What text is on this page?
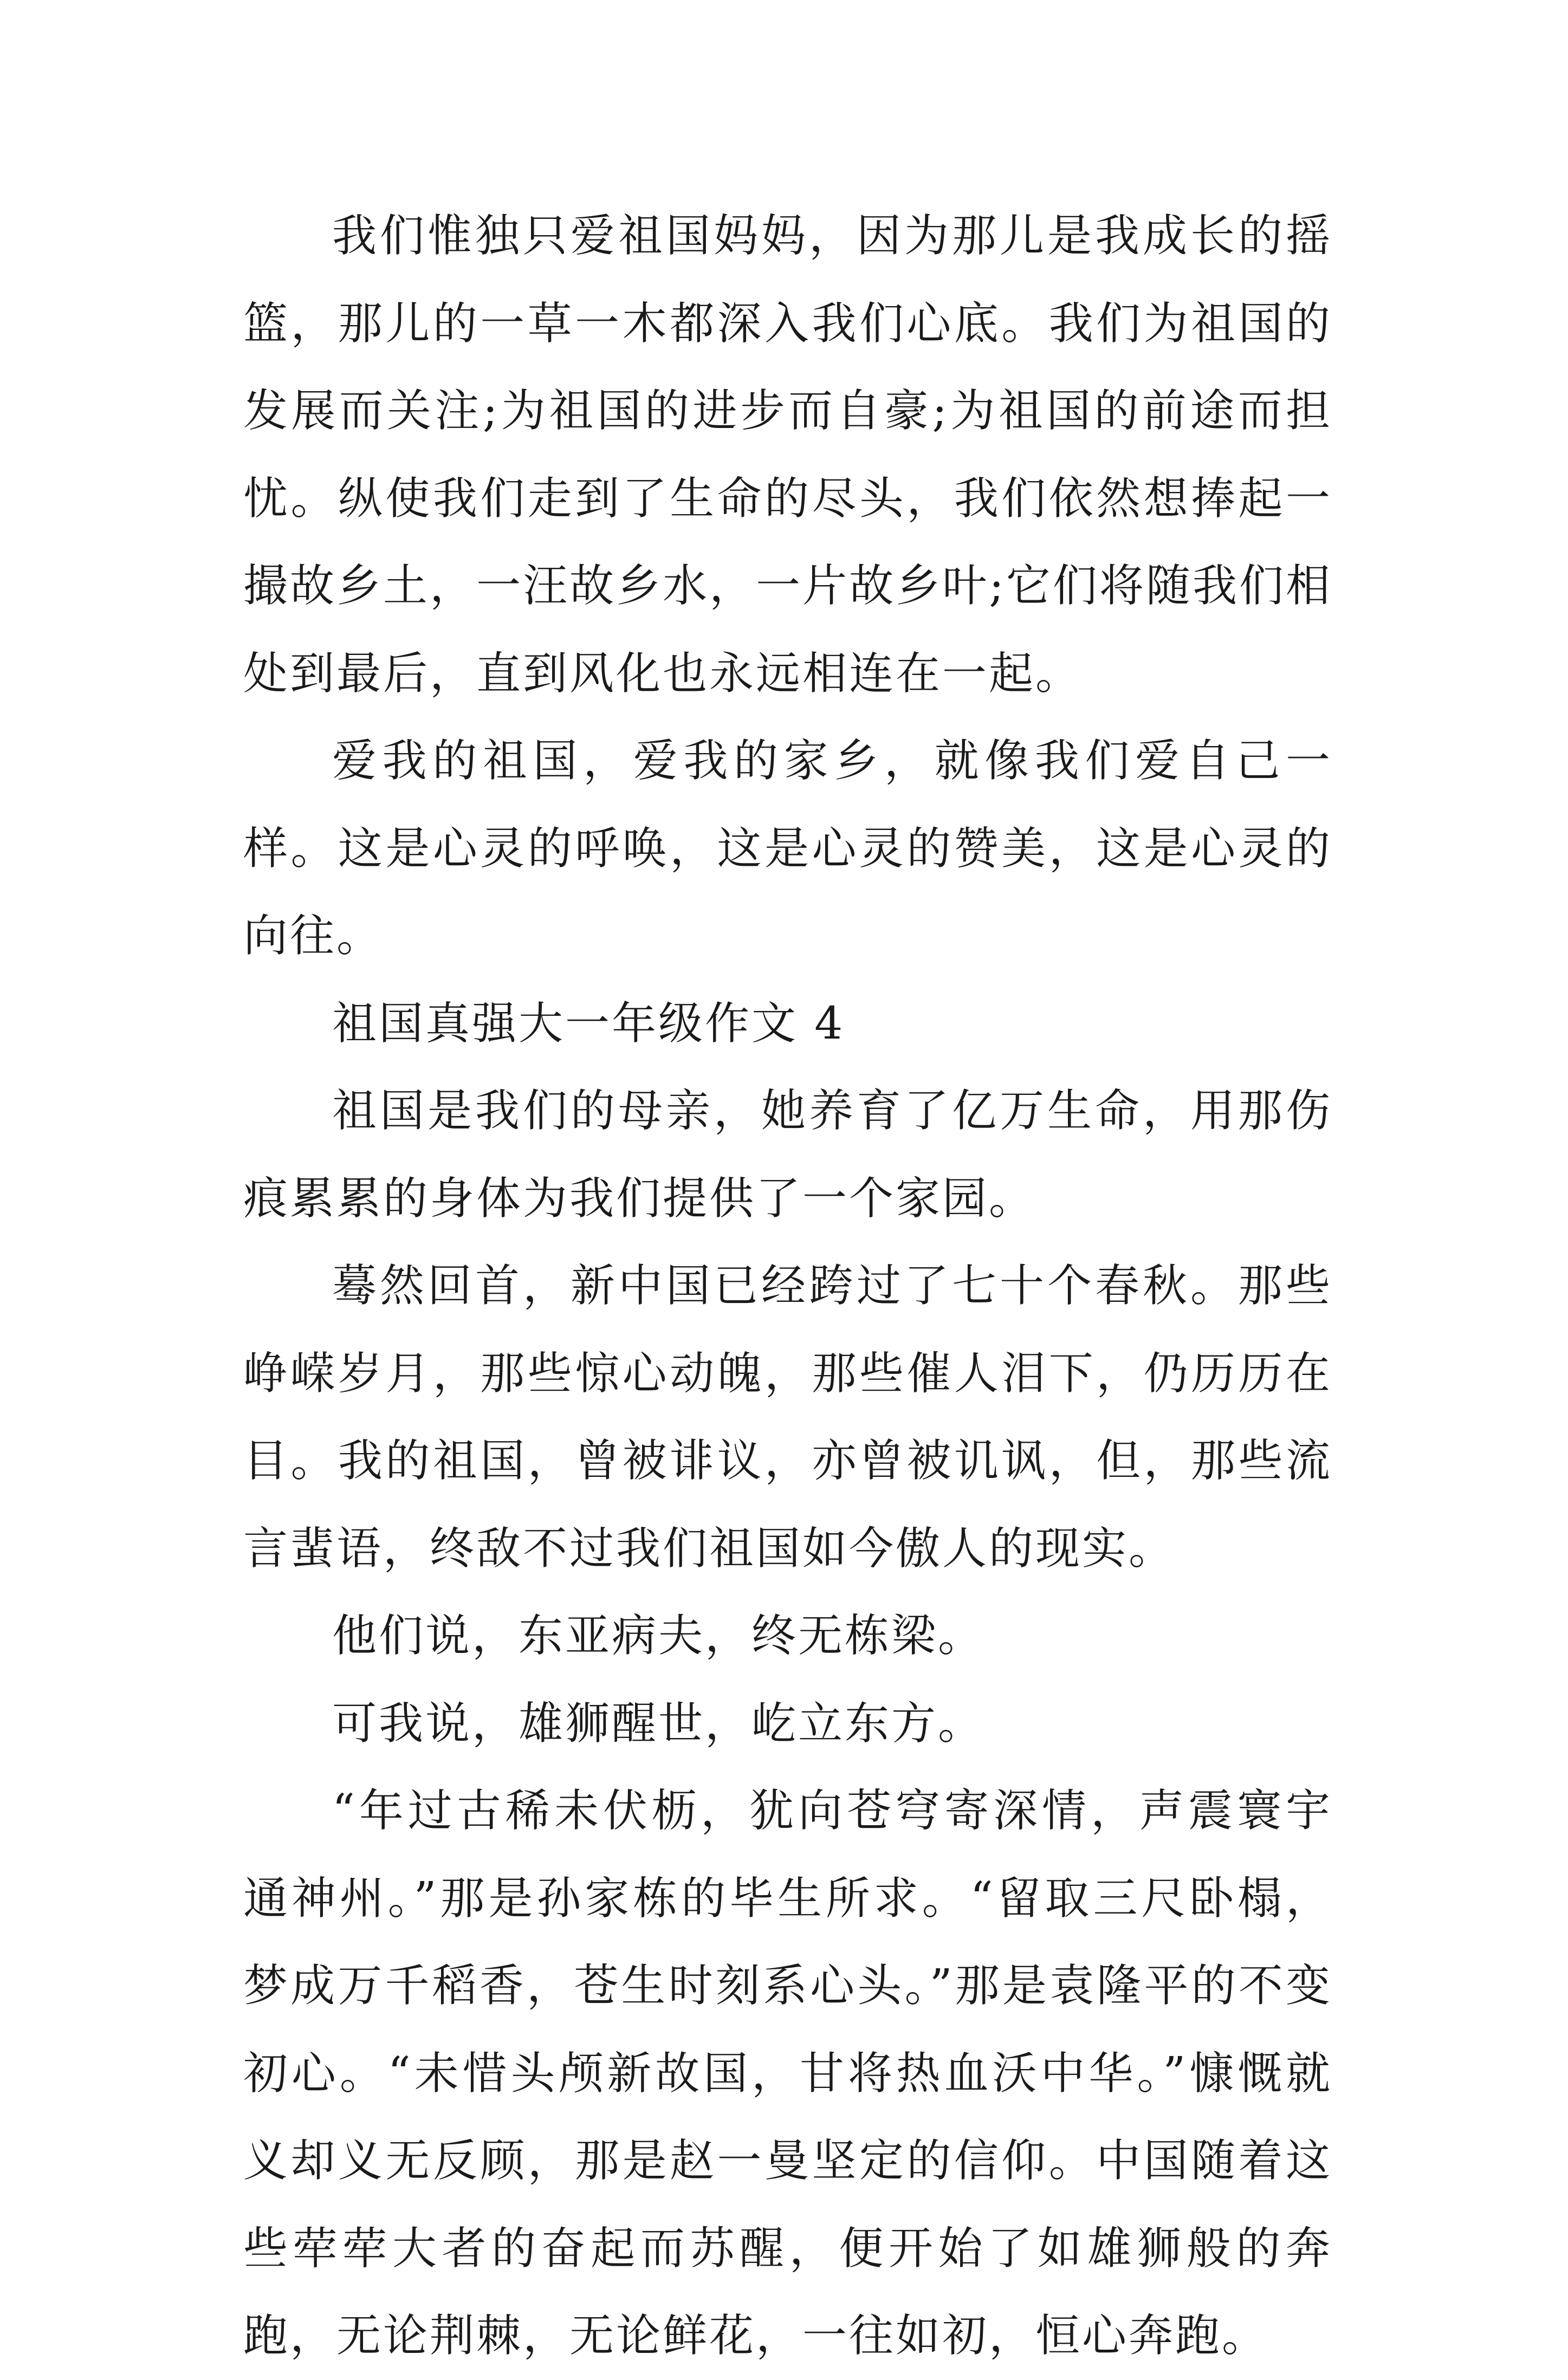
我们惟独只爱祖国妈妈，因为那儿是我成长的摇篮，那儿的一草一木都深入我们心底。我们为祖国的发展而关注;为祖国的进步而自豪;为祖国的前途而担忧。纵使我们走到了生命的尽头，我们依然想捧起一撮故乡土，一汪故乡水，一片故乡叶;它们将随我们相处到最后，直到风化也永远相连在一起。

爱我的祖国，爱我的家乡，就像我们爱自己一样。这是心灵的呼唤，这是心灵的赞美，这是心灵的向往。

祖国真强大一年级作文 4

祖国是我们的母亲，她养育了亿万生命，用那伤痕累累的身体为我们提供了一个家园。

蓦然回首，新中国已经跨过了七十个春秋。那些峥嵘岁月，那些惊心动魄，那些催人泪下，仍历历在目。我的祖国，曾被诽议，亦曾被讥讽，但，那些流言蜚语，终敌不过我们祖国如今傲人的现实。

他们说，东亚病夫，终无栋梁。

可我说，雄狮醒世，屹立东方。

“年过古稀未伏枥，犹向苍穹寄深情，声震寰宇通神州。”那是孙家栋的毕生所求。“留取三尺卧榻，梦成万千稻香，苍生时刻系心头。”那是袁隆平的不变初心。“未惜头颅新故国，甘将热血沃中华。”慷慨就义却义无反顾，那是赵一曼坚定的信仰。中国随着这些荦荦大者的奋起而苏醒，便开始了如雄狮般的奔跑，无论荆棘，无论鲜花，一往如初，恒心奔跑。
